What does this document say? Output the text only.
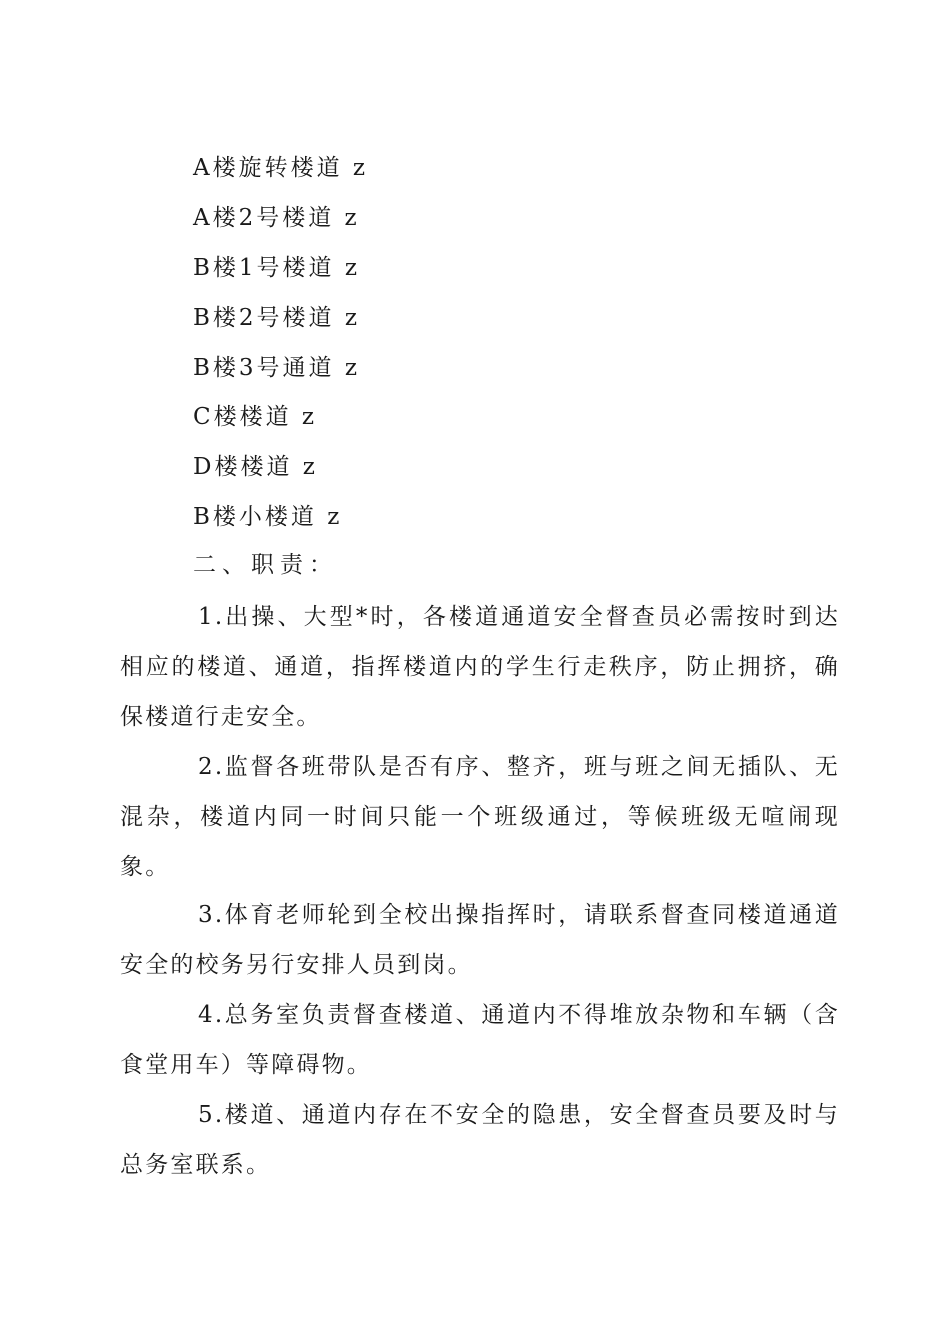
A楼旋转楼道 z
A楼2号楼道 z
B楼1号楼道 z
B楼2号楼道 z
B楼3号通道 z
C楼楼道 z
D楼楼道 z
B楼小楼道 z
二、职责：

1.出操、大型*时，各楼道通道安全督查员必需按时到达相应的楼道、通道，指挥楼道内的学生行走秩序，防止拥挤，确保楼道行走安全。

2.监督各班带队是否有序、整齐，班与班之间无插队、无混杂，楼道内同一时间只能一个班级通过，等候班级无喧闹现象。

3.体育老师轮到全校出操指挥时，请联系督查同楼道通道安全的校务另行安排人员到岗。

4.总务室负责督查楼道、通道内不得堆放杂物和车辆（含食堂用车）等障碍物。

5.楼道、通道内存在不安全的隐患，安全督查员要及时与总务室联系。
